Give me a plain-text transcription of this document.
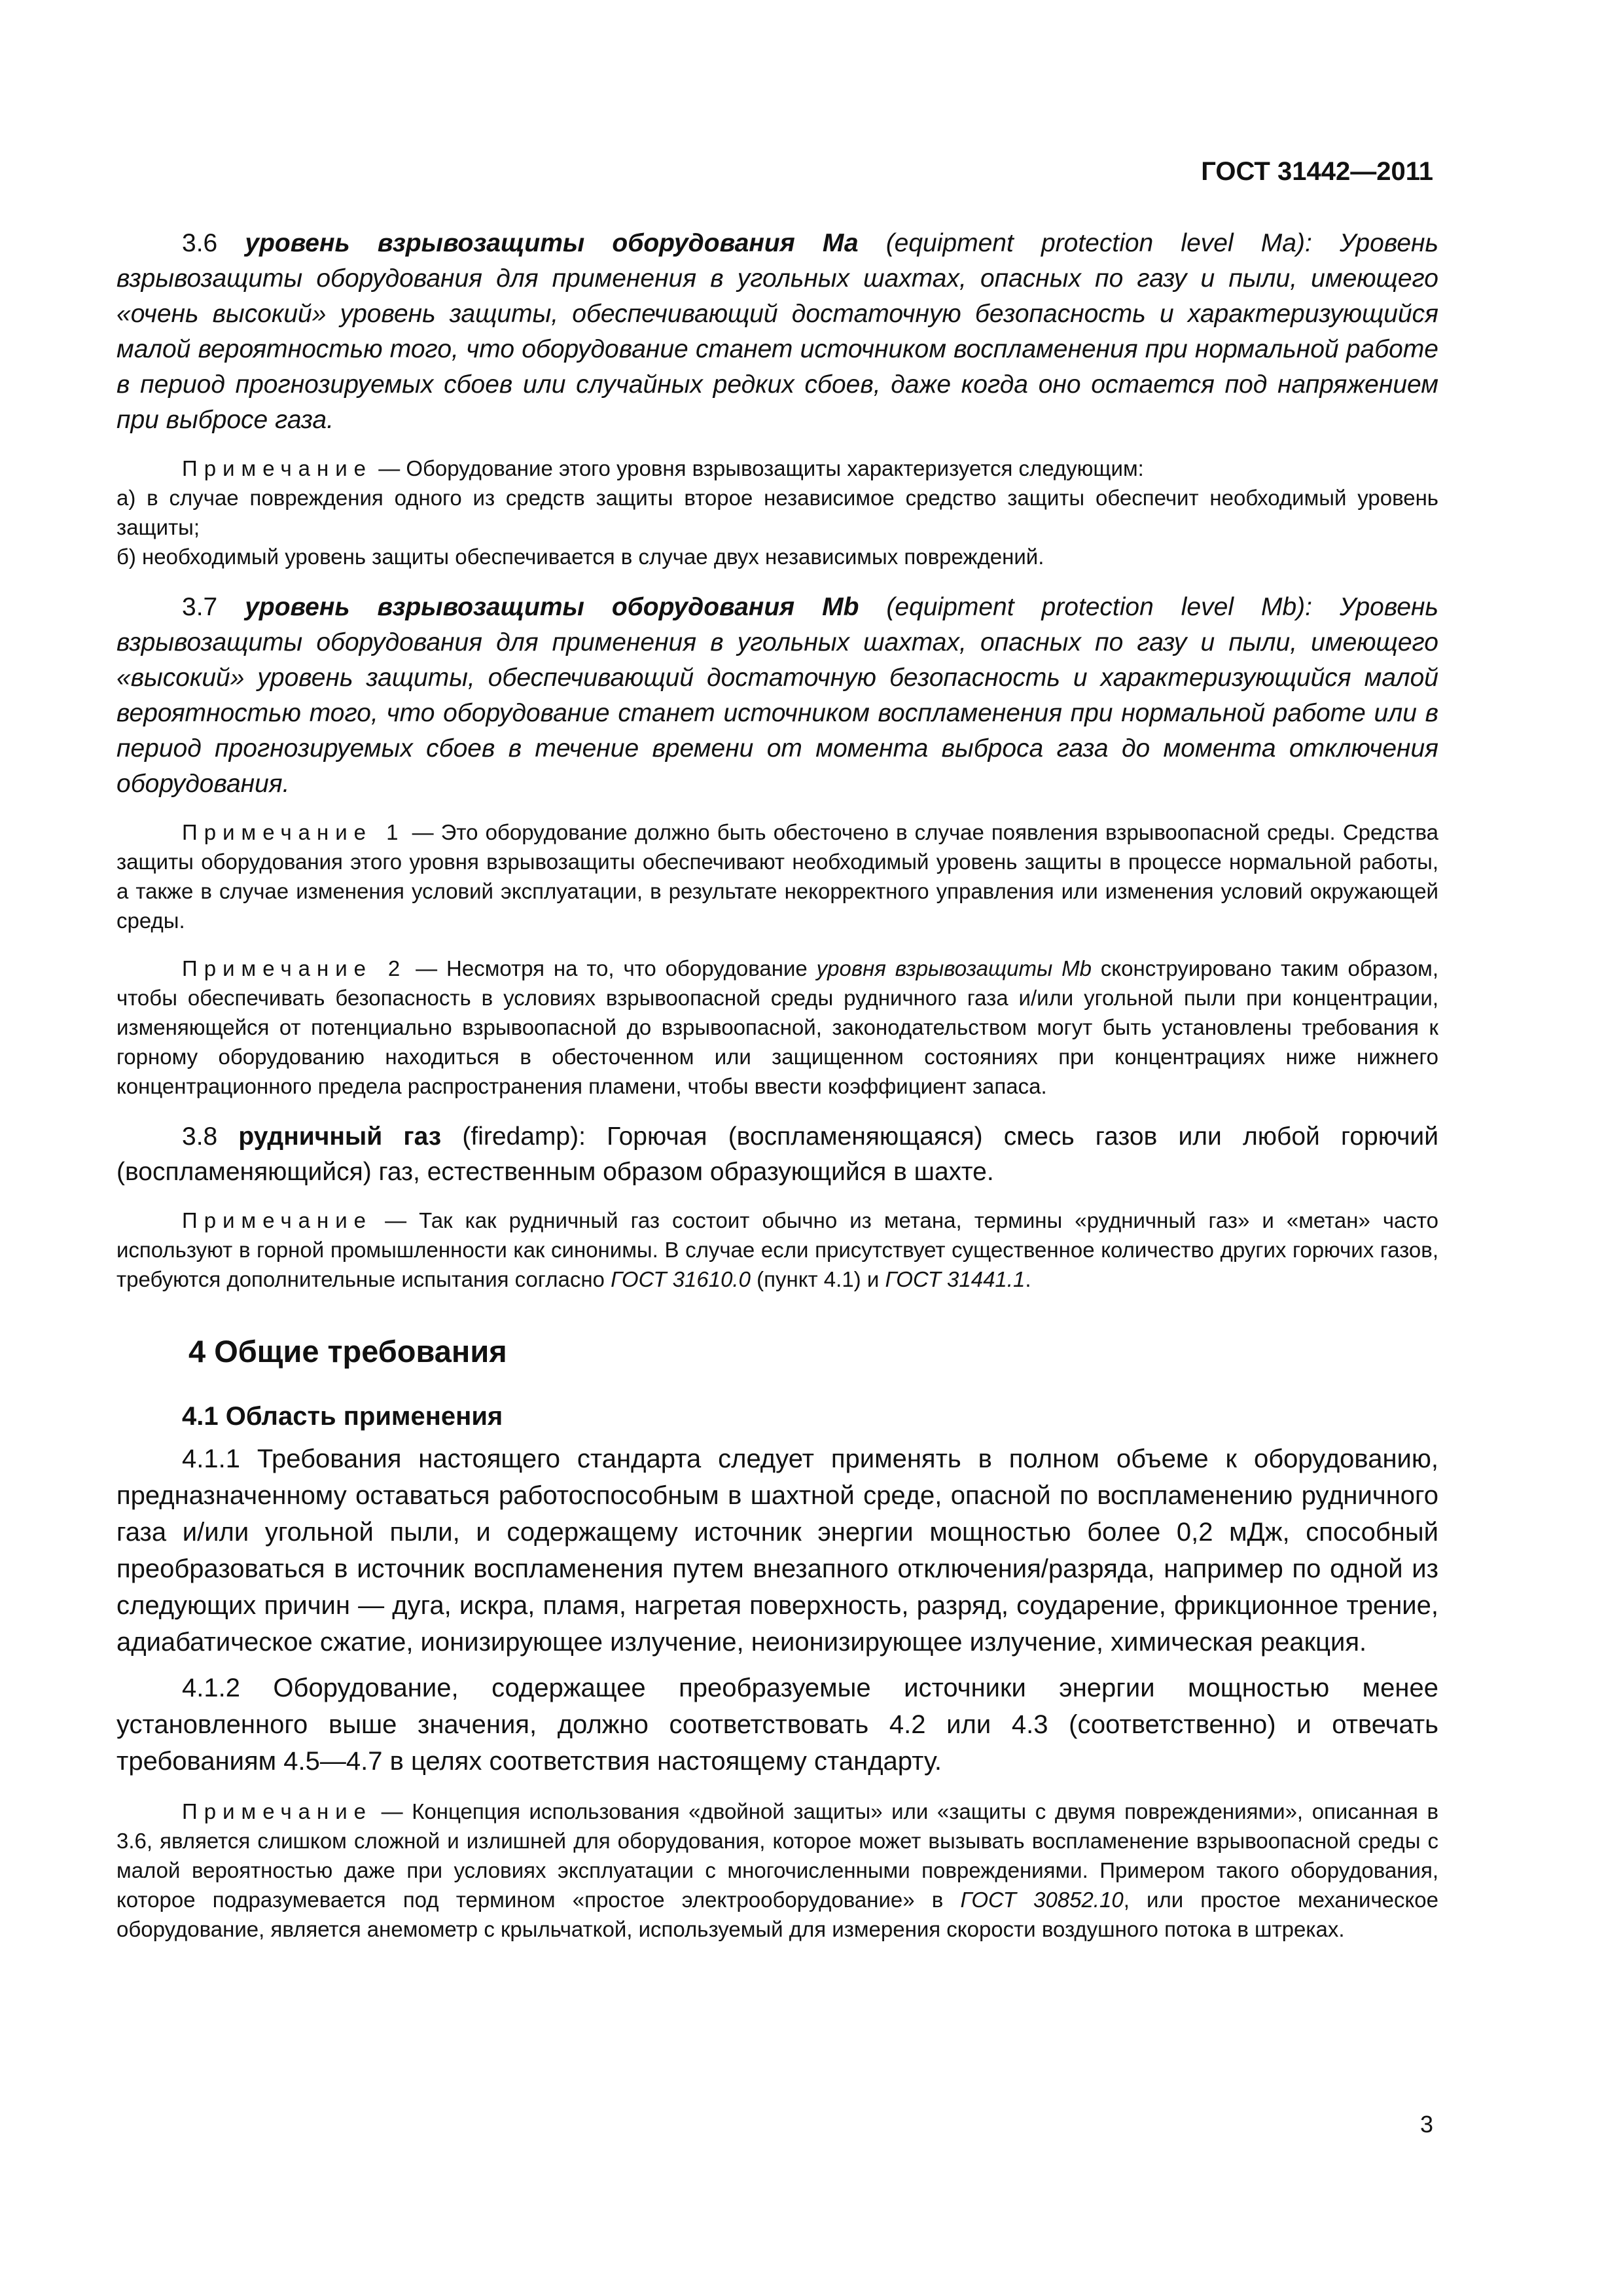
ГОСТ 31442—2011

3.6 уровень взрывозащиты оборудования Ма (equipment protection level Ma): Уровень взрывозащиты оборудования для применения в угольных шахтах, опасных по газу и пыли, имеющего «очень высокий» уровень защиты, обеспечивающий достаточную безопасность и характеризующийся малой вероятностью того, что оборудование станет источником воспламенения при нормальной работе в период прогнозируемых сбоев или случайных редких сбоев, даже когда оно остается под напряжением при выбросе газа.

Примечание — Оборудование этого уровня взрывозащиты характеризуется следующим:

а) в случае повреждения одного из средств защиты второе независимое средство защиты обеспечит необходимый уровень защиты;

б) необходимый уровень защиты обеспечивается в случае двух независимых повреждений.

3.7 уровень взрывозащиты оборудования Mb (equipment protection level Mb): Уровень взрывозащиты оборудования для применения в угольных шахтах, опасных по газу и пыли, имеющего «высокий» уровень защиты, обеспечивающий достаточную безопасность и характеризующийся малой вероятностью того, что оборудование станет источником воспламенения при нормальной работе или в период прогнозируемых сбоев в течение времени от момента выброса газа до момента отключения оборудования.

Примечание 1 — Это оборудование должно быть обесточено в случае появления взрывоопасной среды. Средства защиты оборудования этого уровня взрывозащиты обеспечивают необходимый уровень защиты в процессе нормальной работы, а также в случае изменения условий эксплуатации, в результате некорректного управления или изменения условий окружающей среды.

Примечание 2 — Несмотря на то, что оборудование уровня взрывозащиты Mb сконструировано таким образом, чтобы обеспечивать безопасность в условиях взрывоопасной среды рудничного газа и/или угольной пыли при концентрации, изменяющейся от потенциально взрывоопасной до взрывоопасной, законодательством могут быть установлены требования к горному оборудованию находиться в обесточенном или защищенном состояниях при концентрациях ниже нижнего концентрационного предела распространения пламени, чтобы ввести коэффициент запаса.

3.8 рудничный газ (firedamp): Горючая (воспламеняющаяся) смесь газов или любой горючий (воспламеняющийся) газ, естественным образом образующийся в шахте.

Примечание — Так как рудничный газ состоит обычно из метана, термины «рудничный газ» и «метан» часто используют в горной промышленности как синонимы. В случае если присутствует существенное количество других горючих газов, требуются дополнительные испытания согласно ГОСТ 31610.0 (пункт 4.1) и ГОСТ 31441.1.

4 Общие требования
4.1 Область применения

4.1.1 Требования настоящего стандарта следует применять в полном объеме к оборудованию, предназначенному оставаться работоспособным в шахтной среде, опасной по воспламенению рудничного газа и/или угольной пыли, и содержащему источник энергии мощностью более 0,2 мДж, способный преобразоваться в источник воспламенения путем внезапного отключения/разряда, например по одной из следующих причин — дуга, искра, пламя, нагретая поверхность, разряд, соударение, фрикционное трение, адиабатическое сжатие, ионизирующее излучение, неионизирующее излучение, химическая реакция.

4.1.2 Оборудование, содержащее преобразуемые источники энергии мощностью менее установленного выше значения, должно соответствовать 4.2 или 4.3 (соответственно) и отвечать требованиям 4.5—4.7 в целях соответствия настоящему стандарту.

Примечание — Концепция использования «двойной защиты» или «защиты с двумя повреждениями», описанная в 3.6, является слишком сложной и излишней для оборудования, которое может вызывать воспламенение взрывоопасной среды с малой вероятностью даже при условиях эксплуатации с многочисленными повреждениями. Примером такого оборудования, которое подразумевается под термином «простое электрооборудование» в ГОСТ 30852.10, или простое механическое оборудование, является анемометр с крыльчаткой, используемый для измерения скорости воздушного потока в штреках.

3
